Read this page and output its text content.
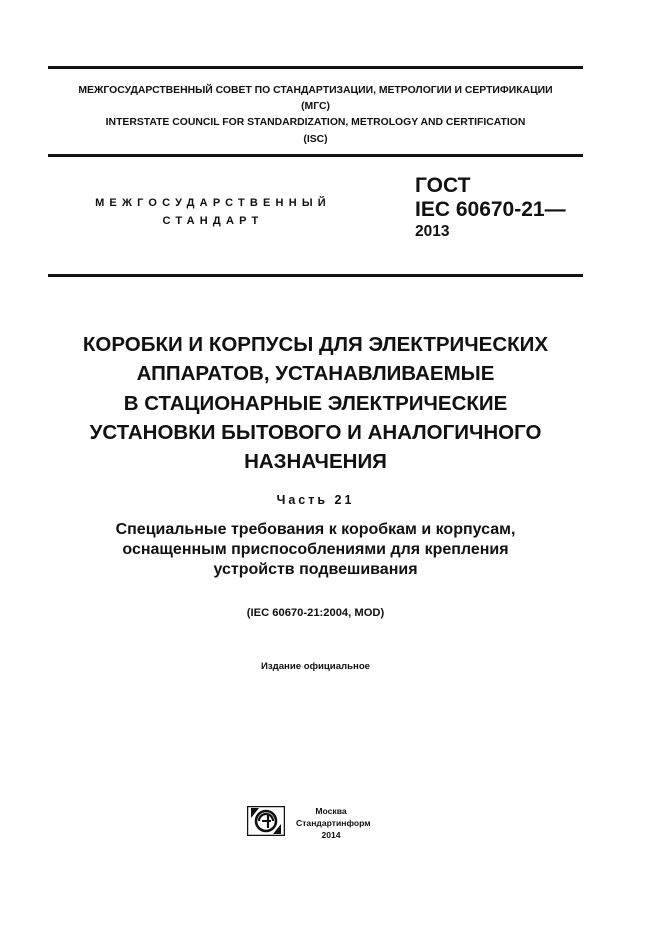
МЕЖГОСУДАРСТВЕННЫЙ СОВЕТ ПО СТАНДАРТИЗАЦИИ, МЕТРОЛОГИИ И СЕРТИФИКАЦИИ
(МГС)
INTERSTATE COUNCIL FOR STANDARDIZATION, METROLOGY AND CERTIFICATION
(ISC)
МЕЖГОСУДАРСТВЕННЫЙ
СТАНДАРТ
ГОСТ
IEC 60670-21—
2013
КОРОБКИ И КОРПУСЫ ДЛЯ ЭЛЕКТРИЧЕСКИХ
АППАРАТОВ, УСТАНАВЛИВАЕМЫЕ
В СТАЦИОНАРНЫЕ ЭЛЕКТРИЧЕСКИЕ
УСТАНОВКИ БЫТОВОГО И АНАЛОГИЧНОГО
НАЗНАЧЕНИЯ
Часть 21
Специальные требования к коробкам и корпусам,
оснащенным приспособлениями для крепления
устройств подвешивания
(IEC 60670-21:2004, MOD)
Издание официальное
Москва
Стандартинформ
2014
